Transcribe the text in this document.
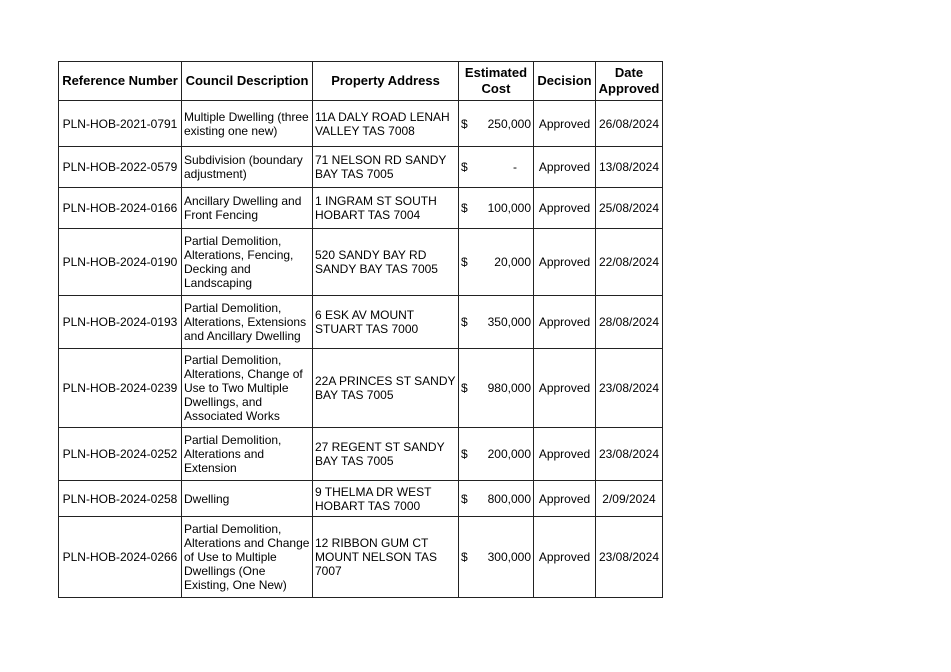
Reference Number	Council Description	Property Address	Estimated Cost	Decision	Date Approved
PLN-HOB-2021-0791	Multiple Dwelling (three existing one new)	11A DALY ROAD LENAH VALLEY TAS 7008	$ 250,000	Approved	26/08/2024
PLN-HOB-2022-0579	Subdivision (boundary adjustment)	71 NELSON RD SANDY BAY TAS 7005	$ -	Approved	13/08/2024
PLN-HOB-2024-0166	Ancillary Dwelling and Front Fencing	1 INGRAM ST SOUTH HOBART TAS 7004	$ 100,000	Approved	25/08/2024
PLN-HOB-2024-0190	Partial Demolition, Alterations, Fencing, Decking and Landscaping	520 SANDY BAY RD SANDY BAY TAS 7005	$ 20,000	Approved	22/08/2024
PLN-HOB-2024-0193	Partial Demolition, Alterations, Extensions and Ancillary Dwelling	6 ESK AV MOUNT STUART TAS 7000	$ 350,000	Approved	28/08/2024
PLN-HOB-2024-0239	Partial Demolition, Alterations, Change of Use to Two Multiple Dwellings, and Associated Works	22A PRINCES ST SANDY BAY TAS 7005	$ 980,000	Approved	23/08/2024
PLN-HOB-2024-0252	Partial Demolition, Alterations and Extension	27 REGENT ST SANDY BAY TAS 7005	$ 200,000	Approved	23/08/2024
PLN-HOB-2024-0258	Dwelling	9 THELMA DR WEST HOBART TAS 7000	$ 800,000	Approved	2/09/2024
PLN-HOB-2024-0266	Partial Demolition, Alterations and Change of Use to Multiple Dwellings (One Existing, One New)	12 RIBBON GUM CT MOUNT NELSON TAS 7007	$ 300,000	Approved	23/08/2024
